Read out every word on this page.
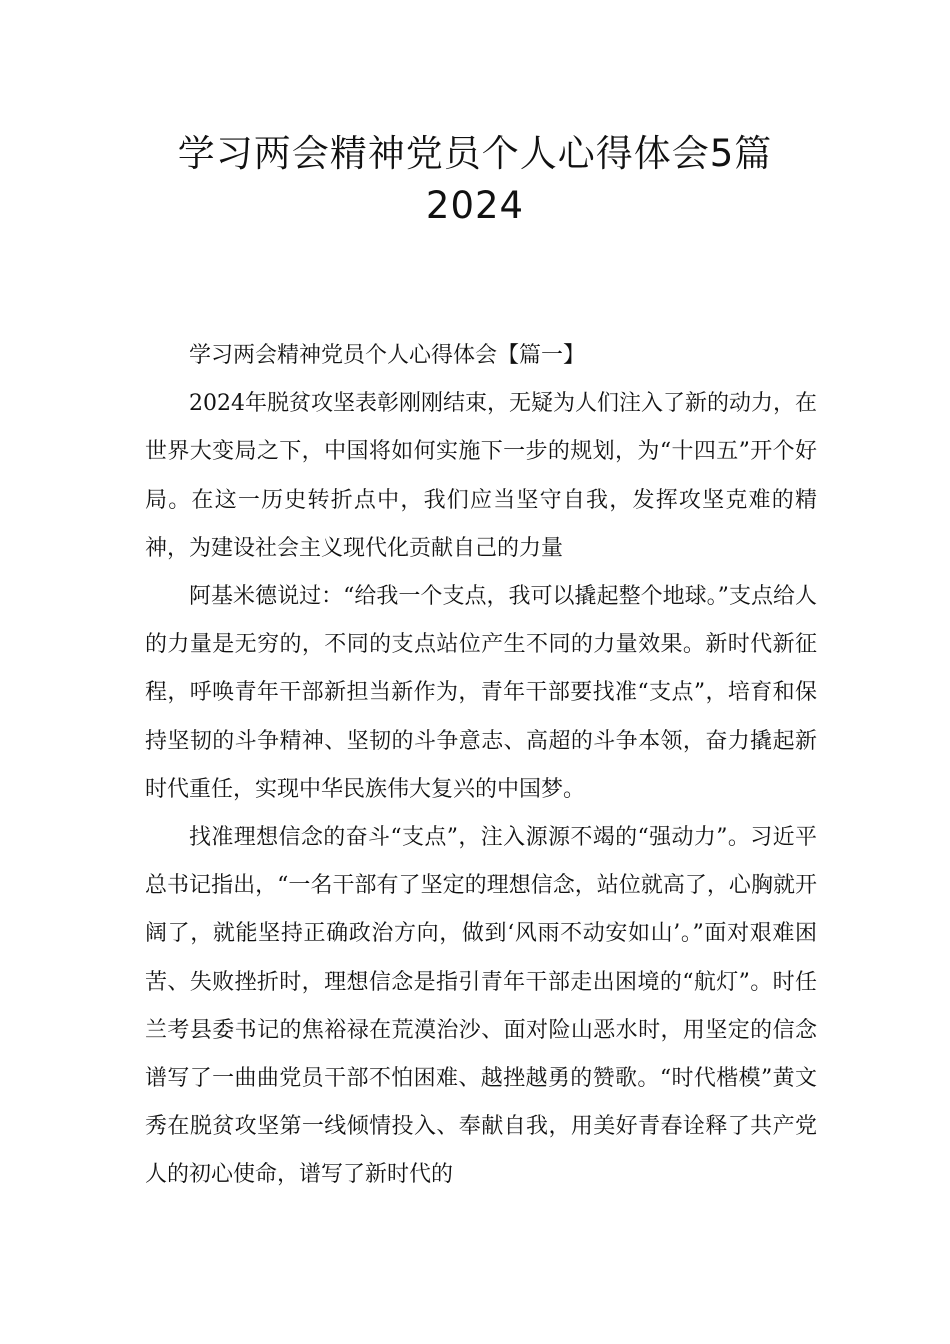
学习两会精神党员个人心得体会5篇
2024

学习两会精神党员个人心得体会【篇一】

2024年脱贫攻坚表彰刚刚结束，无疑为人们注入了新的动力，在世界大变局之下，中国将如何实施下一步的规划，为“十四五”开个好局。在这一历史转折点中，我们应当坚守自我，发挥攻坚克难的精神，为建设社会主义现代化贡献自己的力量

阿基米德说过：“给我一个支点，我可以撬起整个地球。”支点给人的力量是无穷的，不同的支点站位产生不同的力量效果。新时代新征程，呼唤青年干部新担当新作为，青年干部要找准“支点”，培育和保持坚韧的斗争精神、坚韧的斗争意志、高超的斗争本领，奋力撬起新时代重任，实现中华民族伟大复兴的中国梦。

找准理想信念的奋斗“支点”，注入源源不竭的“强动力”。习近平总书记指出，“一名干部有了坚定的理想信念，站位就高了，心胸就开阔了，就能坚持正确政治方向，做到‘风雨不动安如山’。”面对艰难困苦、失败挫折时，理想信念是指引青年干部走出困境的“航灯”。时任兰考县委书记的焦裕禄在荒漠治沙、面对险山恶水时，用坚定的信念谱写了一曲曲党员干部不怕困难、越挫越勇的赞歌。“时代楷模”黄文秀在脱贫攻坚第一线倾情投入、奉献自我，用美好青春诠释了共产党人的初心使命，谱写了新时代的
